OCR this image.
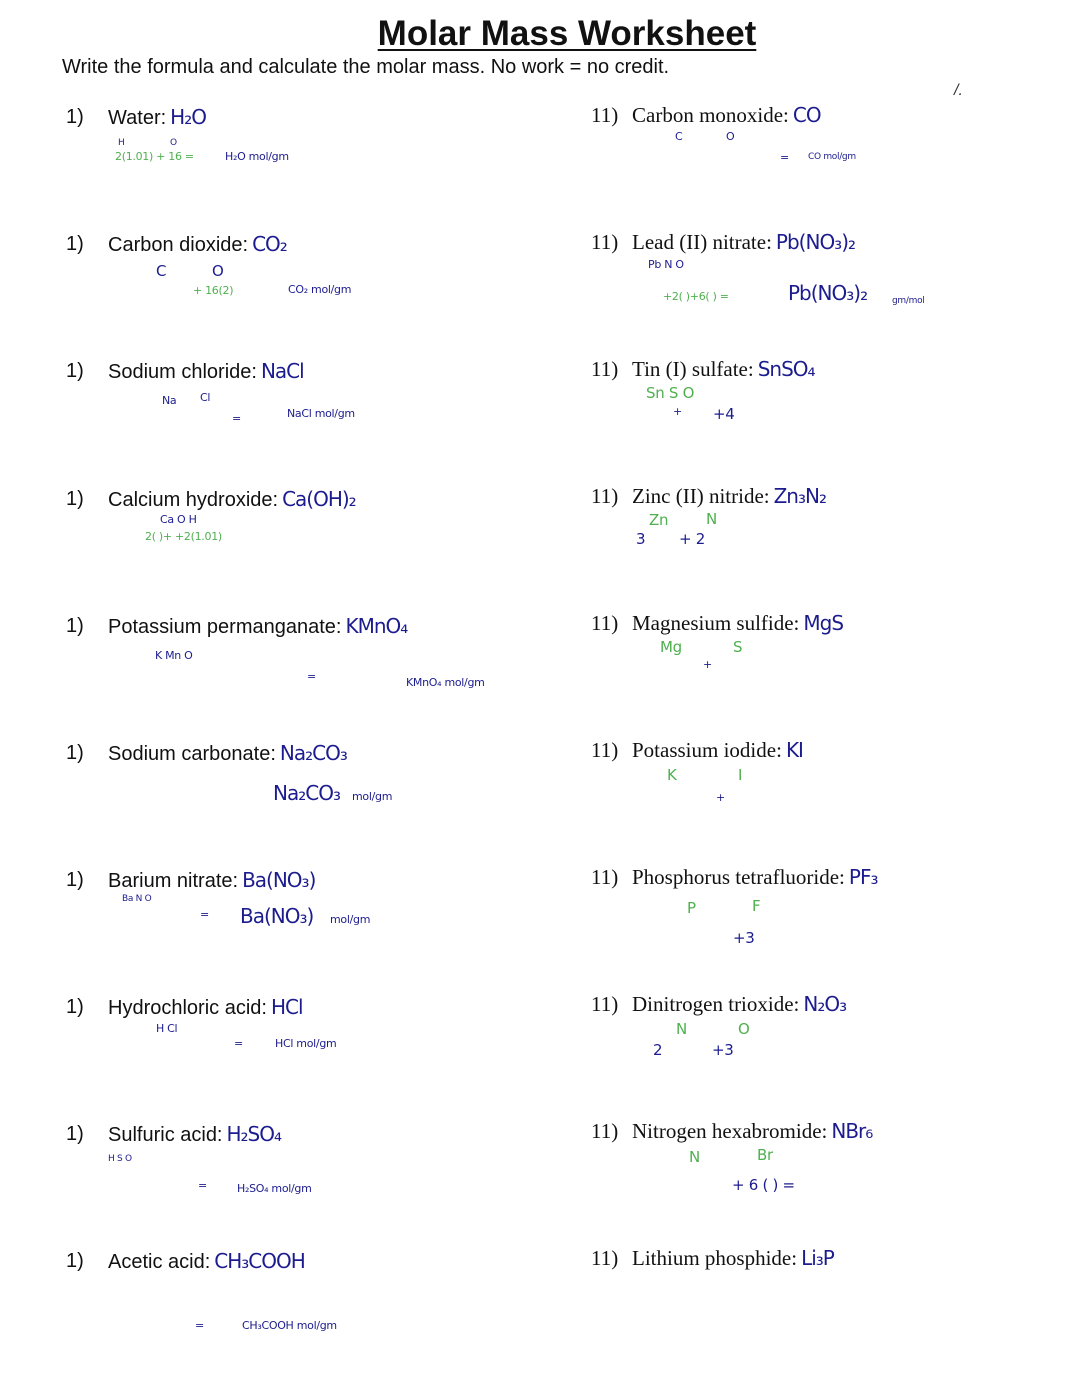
Molar Mass Worksheet
Write the formula and calculate the molar mass. No work = no credit.
/.
1) Water: H₂O
H	O
2(1.01) + 16 =	H₂O mol/gm
1) Carbon dioxide: CO₂
C	O
+ 16(2)	CO₂ mol/gm
1) Sodium chloride: NaCl
Na Cl
=	NaCl mol/gm
1) Calcium hydroxide: Ca(OH)₂
Ca O H
2( )+ +2(1.01)
1) Potassium permanganate: KMnO₄
K Mn O
=	KMnO₄ mol/gm
1) Sodium carbonate: Na₂CO₃
Na₂CO₃ mol/gm
1) Barium nitrate: Ba(NO₃)
Ba N O
= Ba(NO₃) mol/gm
1) Hydrochloric acid: HCl
H Cl
=	HCl mol/gm
1) Sulfuric acid: H₂SO₄
H S O
=	H₂SO₄ mol/gm
1) Acetic acid: CH₃COOH
=	CH₃COOH mol/gm
11) Carbon monoxide: CO
C	O
= CO mol/gm
11) Lead (II) nitrate: Pb(NO₃)₂
Pb N O
+2( )+6( ) =	Pb(NO₃)₂	gm/mol
11) Tin (I) sulfate: SnSO₄
Sn S O
+ +4
11) Zinc (II) nitride: Zn₃N₂
Zn	N
3 + 2
11) Magnesium sulfide: MgS
Mg	S
+
11) Potassium iodide: KI
K	I
+
11) Phosphorus tetrafluoride: PF₃
P	F
+3
11) Dinitrogen trioxide: N₂O₃
N	O
2	+3
11) Nitrogen hexabromide: NBr₆
N	Br
+ 6 ( ) =
11) Lithium phosphide: Li₃P
